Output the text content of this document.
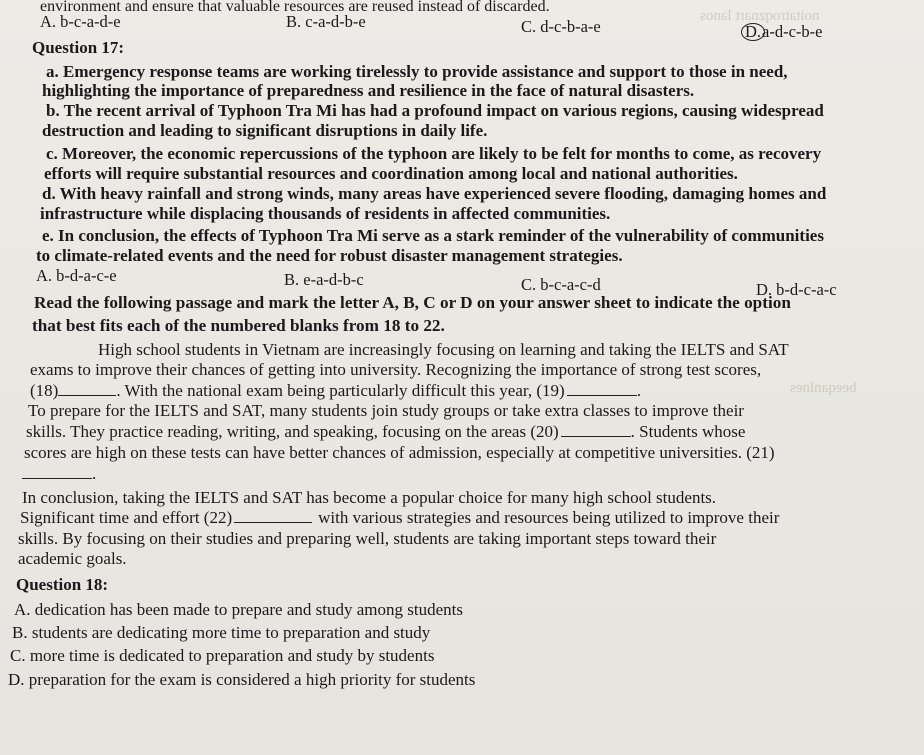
noitatroqznart lanos
beeqanlnes
environment and ensure that valuable resources are reused instead of discarded.
A. b-c-a-d-e	B. c-a-d-b-e	C. d-c-b-a-e	D.a-d-c-b-e
Question 17:
a. Emergency response teams are working tirelessly to provide assistance and support to those in need,
highlighting the importance of preparedness and resilience in the face of natural disasters.
b. The recent arrival of Typhoon Tra Mi has had a profound impact on various regions, causing widespread
destruction and leading to significant disruptions in daily life.
c. Moreover, the economic repercussions of the typhoon are likely to be felt for months to come, as recovery
efforts will require substantial resources and coordination among local and national authorities.
d. With heavy rainfall and strong winds, many areas have experienced severe flooding, damaging homes and
infrastructure while displacing thousands of residents in affected communities.
e. In conclusion, the effects of Typhoon Tra Mi serve as a stark reminder of the vulnerability of communities
to climate-related events and the need for robust disaster management strategies.
A. b-d-a-c-e	B. e-a-d-b-c	C. b-c-a-c-d	D. b-d-c-a-c
Read the following passage and mark the letter A, B, C or D on your answer sheet to indicate the option
that best fits each of the numbered blanks from 18 to 22.
High school students in Vietnam are increasingly focusing on learning and taking the IELTS and SAT
exams to improve their chances of getting into university. Recognizing the importance of strong test scores,
(18)	. With the national exam being particularly difficult this year, (19)	.
To prepare for the IELTS and SAT, many students join study groups or take extra classes to improve their
skills. They practice reading, writing, and speaking, focusing on the areas (20)	. Students whose
scores are high on these tests can have better chances of admission, especially at competitive universities. (21)
.
In conclusion, taking the IELTS and SAT has become a popular choice for many high school students.
Significant time and effort (22)	with various strategies and resources being utilized to improve their
skills. By focusing on their studies and preparing well, students are taking important steps toward their
academic goals.
Question 18:
A. dedication has been made to prepare and study among students
B. students are dedicating more time to preparation and study
C. more time is dedicated to preparation and study by students
D. preparation for the exam is considered a high priority for students
